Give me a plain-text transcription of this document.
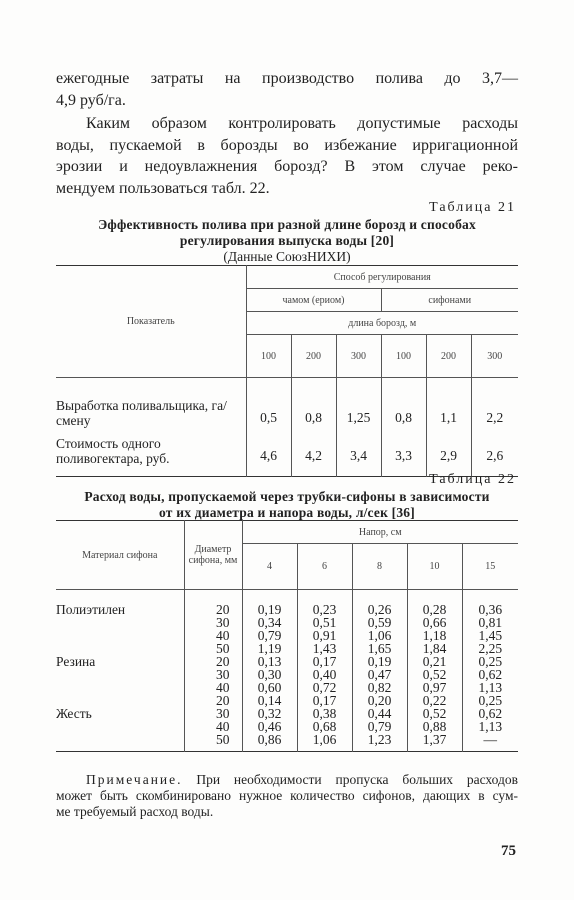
ежегодные затраты на производство полива до 3,7—
4,9 руб/га.

Каким образом контролировать допустимые расходы
воды, пускаемой в борозды во избежание ирригационной
эрозии и недоувлажнения борозд? В этом случае реко-
мендуем пользоваться табл. 22.

Таблица 21
Эффективность полива при разной длине борозд и способах
регулирования выпуска воды [20]
(Данные СоюзНИХИ)
Показатель	Способ регулирования					
	чамом (ериом)			сифонами		
	длина борозд, м					
	100	200	300	100	200	300
Выработка поливальщика, га/смену	0,5	0,8	1,25	0,8	1,1	2,2
Стоимость одного поливогектара, руб.	4,6	4,2	3,4	3,3	2,9	2,6
Таблица 22
Расход воды, пропускаемой через трубки-сифоны в зависимости
от их диаметра и напора воды, л/сек [36]
Материал сифона	Диаметр сифона, мм	Напор, см				
		4	6	8	10	15
Полиэтилен	20	0,19	0,23	0,26	0,28	0,36
	30	0,34	0,51	0,59	0,66	0,81
	40	0,79	0,91	1,06	1,18	1,45
	50	1,19	1,43	1,65	1,84	2,25
Резина	20	0,13	0,17	0,19	0,21	0,25
	30	0,30	0,40	0,47	0,52	0,62
	40	0,60	0,72	0,82	0,97	1,13
	20	0,14	0,17	0,20	0,22	0,25
Жесть	30	0,32	0,38	0,44	0,52	0,62
	40	0,46	0,68	0,79	0,88	1,13
	50	0,86	1,06	1,23	1,37	—

Примечание. При необходимости пропуска больших расходов
может быть скомбинировано нужное количество сифонов, дающих в сум-
ме требуемый расход воды.

75
